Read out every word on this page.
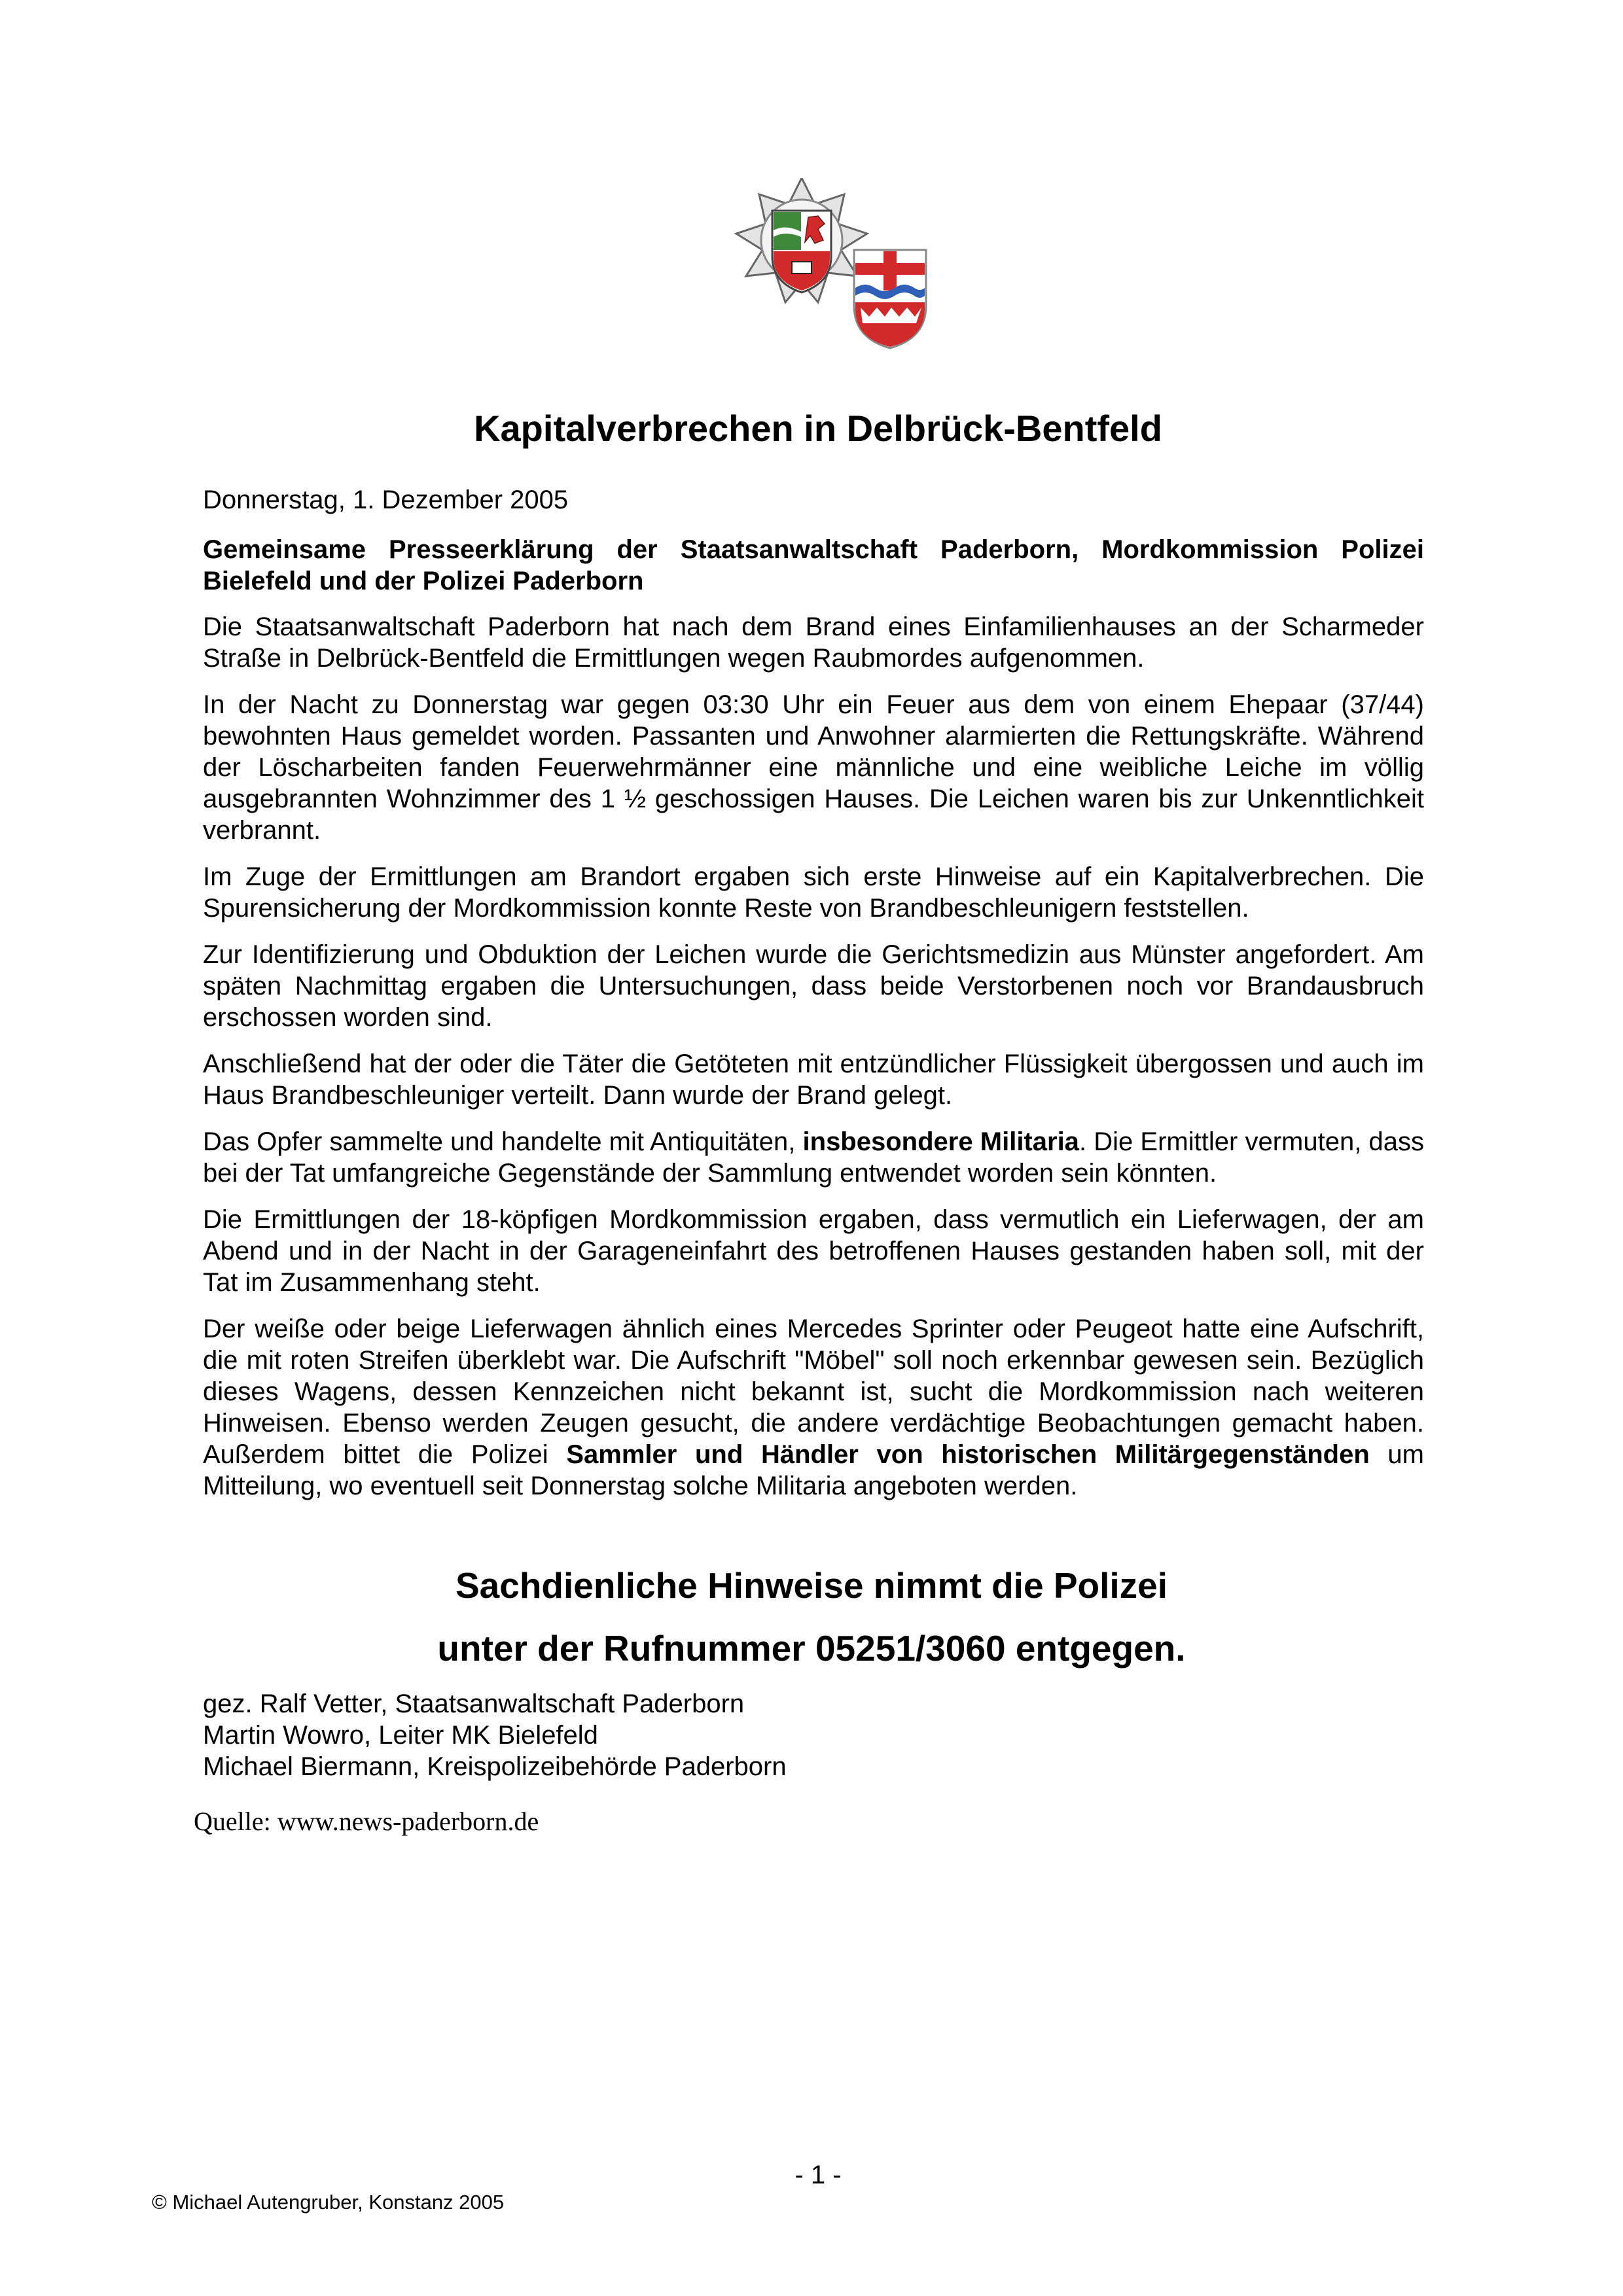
Kapitalverbrechen in Delbrück-Bentfeld

Donnerstag, 1. Dezember 2005

Gemeinsame Presseerklärung der Staatsanwaltschaft Paderborn, Mordkommission Polizei Bielefeld und der Polizei Paderborn

Die Staatsanwaltschaft Paderborn hat nach dem Brand eines Einfamilienhauses an der Scharmeder Straße in Delbrück-Bentfeld die Ermittlungen wegen Raubmordes aufgenommen.

In der Nacht zu Donnerstag war gegen 03:30 Uhr ein Feuer aus dem von einem Ehepaar (37/44) bewohnten Haus gemeldet worden. Passanten und Anwohner alarmierten die Rettungskräfte. Während der Löscharbeiten fanden Feuerwehrmänner eine männliche und eine weibliche Leiche im völlig ausgebrannten Wohnzimmer des 1 ½ geschossigen Hauses. Die Leichen waren bis zur Unkenntlichkeit verbrannt.

Im Zuge der Ermittlungen am Brandort ergaben sich erste Hinweise auf ein Kapitalverbrechen. Die Spurensicherung der Mordkommission konnte Reste von Brandbeschleunigern feststellen.

Zur Identifizierung und Obduktion der Leichen wurde die Gerichtsmedizin aus Münster angefordert. Am späten Nachmittag ergaben die Untersuchungen, dass beide Verstorbenen noch vor Brandausbruch erschossen worden sind.

Anschließend hat der oder die Täter die Getöteten mit entzündlicher Flüssigkeit übergossen und auch im Haus Brandbeschleuniger verteilt. Dann wurde der Brand gelegt.

Das Opfer sammelte und handelte mit Antiquitäten, insbesondere Militaria. Die Ermittler vermuten, dass bei der Tat umfangreiche Gegenstände der Sammlung entwendet worden sein könnten.

Die Ermittlungen der 18-köpfigen Mordkommission ergaben, dass vermutlich ein Lieferwagen, der am Abend und in der Nacht in der Garageneinfahrt des betroffenen Hauses gestanden haben soll, mit der Tat im Zusammenhang steht.

Der weiße oder beige Lieferwagen ähnlich eines Mercedes Sprinter oder Peugeot hatte eine Aufschrift, die mit roten Streifen überklebt war. Die Aufschrift "Möbel" soll noch erkennbar gewesen sein. Bezüglich dieses Wagens, dessen Kennzeichen nicht bekannt ist, sucht die Mordkommission nach weiteren Hinweisen. Ebenso werden Zeugen gesucht, die andere verdächtige Beobachtungen gemacht haben. Außerdem bittet die Polizei Sammler und Händler von historischen Militärgegenständen um Mitteilung, wo eventuell seit Donnerstag solche Militaria angeboten werden.

Sachdienliche Hinweise nimmt die Polizei

unter der Rufnummer 05251/3060 entgegen.

gez. Ralf Vetter, Staatsanwaltschaft Paderborn
Martin Wowro, Leiter MK Bielefeld
Michael Biermann, Kreispolizeibehörde Paderborn
Quelle: www.news-paderborn.de
- 1 -
© Michael Autengruber, Konstanz 2005
